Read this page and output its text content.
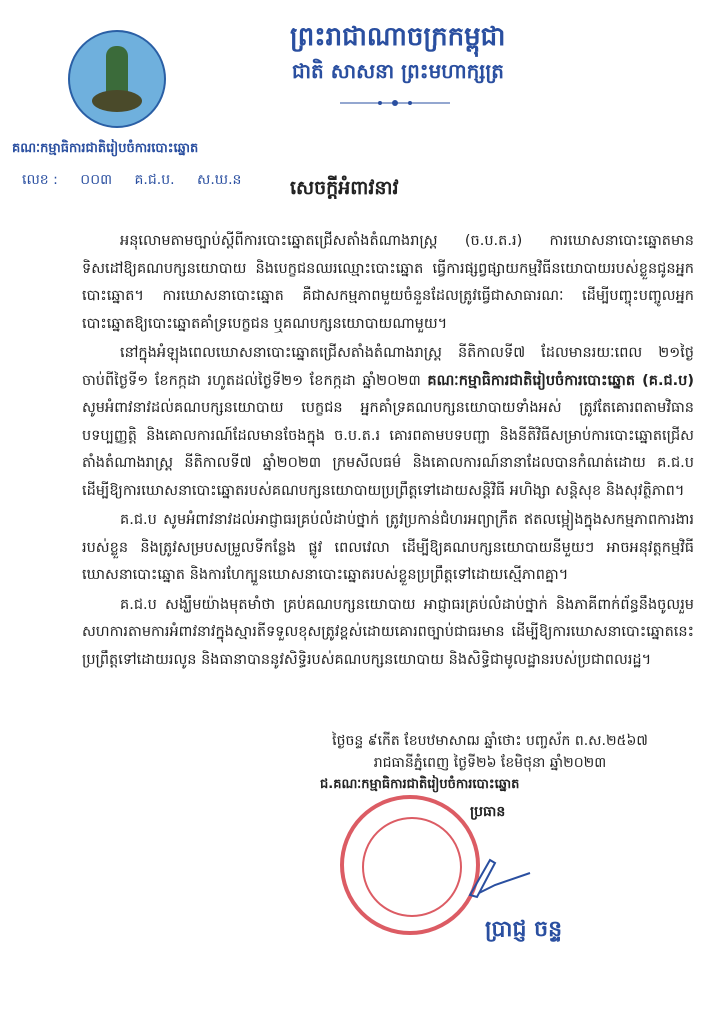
ព្រះរាជាណាចក្រកម្ពុជា
ជាតិ សាសនា ព្រះមហាក្សត្រ
គណៈកម្មាធិការជាតិរៀបចំការបោះឆ្នោត
លេខ : ០០៣ គ.ជ.ប. ស.ឃ.ន	សេចក្តីអំពាវនាវ

អនុលោមតាមច្បាប់ស្តីពីការបោះឆ្នោតជ្រើសតាំងតំណាងរាស្ត្រ (ច.ប.ត.រ) ការឃោសនាបោះឆ្នោតមានទិសដៅឱ្យគណបក្សនយោបាយ និងបេក្ខជនឈរឈ្មោះបោះឆ្នោត ធ្វើការផ្សព្វផ្សាយកម្មវិធីនយោបាយរបស់ខ្លួនជូនអ្នកបោះឆ្នោត។ ការឃោសនាបោះឆ្នោត គឺជាសកម្មភាពមួយចំនួនដែលត្រូវធ្វើជាសាធារណៈ ដើម្បីបញ្ចុះបញ្ចូលអ្នកបោះឆ្នោតឱ្យបោះឆ្នោតគាំទ្របេក្ខជន ឬគណបក្សនយោបាយណាមួយ។

នៅក្នុងអំឡុងពេលឃោសនាបោះឆ្នោតជ្រើសតាំងតំណាងរាស្ត្រ នីតិកាលទី៧ ដែលមានរយៈពេល ២១ថ្ងៃ ចាប់ពីថ្ងៃទី១ ខែកក្កដា រហូតដល់ថ្ងៃទី២១ ខែកក្កដា ឆ្នាំ២០២៣ គណៈកម្មាធិការជាតិរៀបចំការបោះឆ្នោត (គ.ជ.ប) សូមអំពាវនាវដល់គណបក្សនយោបាយ បេក្ខជន អ្នកគាំទ្រគណបក្សនយោបាយទាំងអស់ ត្រូវតែគោរពតាមវិធាន បទប្បញ្ញត្តិ និងគោលការណ៍ដែលមានចែងក្នុង ច.ប.ត.រ គោរពតាមបទបញ្ជា និងនីតិវិធីសម្រាប់ការបោះឆ្នោតជ្រើសតាំងតំណាងរាស្ត្រ នីតិកាលទី៧ ឆ្នាំ២០២៣ ក្រមសីលធម៌ និងគោលការណ៍នានាដែលបានកំណត់ដោយ គ.ជ.ប ដើម្បីឱ្យការឃោសនាបោះឆ្នោតរបស់គណបក្សនយោបាយប្រព្រឹត្តទៅដោយសន្តិវិធី អហិង្សា សន្តិសុខ និងសុវត្ថិភាព។

គ.ជ.ប សូមអំពាវនាវដល់អាជ្ញាធរគ្រប់លំដាប់ថ្នាក់ ត្រូវប្រកាន់ជំហរអព្យាក្រឹត ឥតលម្អៀងក្នុងសកម្មភាពការងាររបស់ខ្លួន និងត្រូវសម្របសម្រួលទីកន្លែង ផ្លូវ ពេលវេលា ដើម្បីឱ្យគណបក្សនយោបាយនីមួយៗ អាចអនុវត្តកម្មវិធីឃោសនាបោះឆ្នោត និងការហែក្បួនឃោសនាបោះឆ្នោតរបស់ខ្លួនប្រព្រឹត្តទៅដោយស្មើភាពគ្នា។

គ.ជ.ប សង្ឃឹមយ៉ាងមុតមាំថា គ្រប់គណបក្សនយោបាយ អាជ្ញាធរគ្រប់លំដាប់ថ្នាក់ និងភាគីពាក់ព័ន្ធនឹងចូលរួមសហការតាមការអំពាវនាវក្នុងស្មារតីទទួលខុសត្រូវខ្ពស់ដោយគោរពច្បាប់ជាធរមាន ដើម្បីឱ្យការឃោសនាបោះឆ្នោតនេះ ប្រព្រឹត្តទៅដោយរលូន និងធានាបាននូវសិទ្ធិរបស់គណបក្សនយោបាយ និងសិទ្ធិជាមូលដ្ឋានរបស់ប្រជាពលរដ្ឋ។

ថ្ងៃចន្ទ ៩កើត ខែបឋមាសាឍ ឆ្នាំថោះ បញ្ចស័ក ព.ស.២៥៦៧
រាជធានីភ្នំពេញ ថ្ងៃទី២៦ ខែមិថុនា ឆ្នាំ២០២៣
ជ.គណៈកម្មាធិការជាតិរៀបចំការបោះឆ្នោត
ប្រធាន
ប្រាជ្ញ ចន្ទ
